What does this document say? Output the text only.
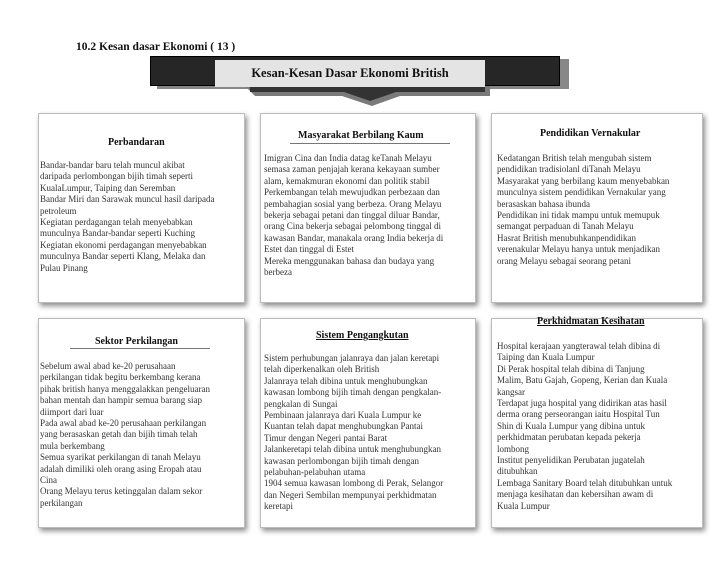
10.2 Kesan dasar Ekonomi ( 13 )
Kesan-Kesan Dasar Ekonomi British
Perbandaran
Bandar-bandar baru telah muncul akibat
daripada perlombongan bijih timah seperti
KualaLumpur, Taiping dan Seremban
Bandar Miri dan Sarawak muncul hasil daripada
petroleum
Kegiatan perdagangan telah menyebabkan
munculnya Bandar-bandar seperti Kuching
Kegiatan ekonomi perdagangan menyebabkan
munculnya Bandar seperti Klang, Melaka dan
Pulau Pinang
Masyarakat Berbilang Kaum
Imigran Cina dan India datag keTanah Melayu
semasa zaman penjajah kerana kekayaan sumber
alam, kemakmuran ekonomi dan politik stabil
Perkembangan telah mewujudkan perbezaan dan
pembahagian sosial yang berbeza. Orang Melayu
bekerja sebagai petani dan tinggal diluar Bandar,
orang Cina bekerja sebagai pelombong tinggal di
kawasan Bandar, manakala orang India bekerja di
Estet dan tinggal di Estet
Mereka menggunakan bahasa dan budaya yang
berbeza
Pendidikan Vernakular
Kedatangan British telah mengubah sistem
pendidikan tradisiolanl diTanah Melayu
Masyarakat yang berbilang kaum menyebabkan
munculnya sistem pendidikan Vernakular yang
berasaskan bahasa ibunda
Pendidikan ini tidak mampu untuk memupuk
semangat perpaduan di Tanah Melayu
Hasrat British menubuhkanpendidikan
verenakular Melayu hanya untuk menjadikan
orang Melayu sebagai seorang petani
Sektor Perkilangan
Sebelum awal abad ke-20 perusahaan
perkilangan tidak begitu berkembang kerana
pihak british hanya menggalakkan pengeluaran
bahan mentah dan hampir semua barang siap
diimport dari luar
Pada awal abad ke-20 perusahaan perkilangan
yang berasaskan getah dan bijih timah telah
mula berkembang
Semua syarikat perkilangan di tanah Melayu
adalah dimiliki oleh orang asing Eropah atau
Cina
Orang Melayu terus ketinggalan dalam sekor
perkilangan
Sistem Pengangkutan
Sistem perhubungan jalanraya dan jalan keretapi
telah diperkenalkan oleh British
Jalanraya telah dibina untuk menghubungkan
kawasan lombong bijih timah dengan pengkalan-
pengkalan di Sungai
Pembinaan jalanraya dari Kuala Lumpur ke
Kuantan telah dapat menghubungkan Pantai
Timur dengan Negeri pantai Barat
Jalankeretapi telah dibina untuk menghubungkan
kawasan perlombongan bijih timah dengan
pelabuhan-pelabuhan utama
1904 semua kawasan lombong di Perak, Selangor
dan Negeri Sembilan mempunyai perkhidmatan
keretapi
Perkhidmatan Kesihatan
Hospital kerajaan yangterawal telah dibina di
Taiping dan Kuala Lumpur
Di Perak hospital telah dibina di Tanjung
Malim, Batu Gajah, Gopeng, Kerian dan Kuala
kangsar
Terdapat juga hospital yang didirikan atas hasil
derma orang perseorangan iaitu Hospital Tun
Shin di Kuala Lumpur yang dibina untuk
perkhidmatan perubatan kepada pekerja
lombong
Institut penyelidikan Perubatan jugatelah
ditubuhkan
Lembaga Sanitary Board telah ditubuhkan untuk
menjaga kesihatan dan kebersihan awam di
Kuala Lumpur
